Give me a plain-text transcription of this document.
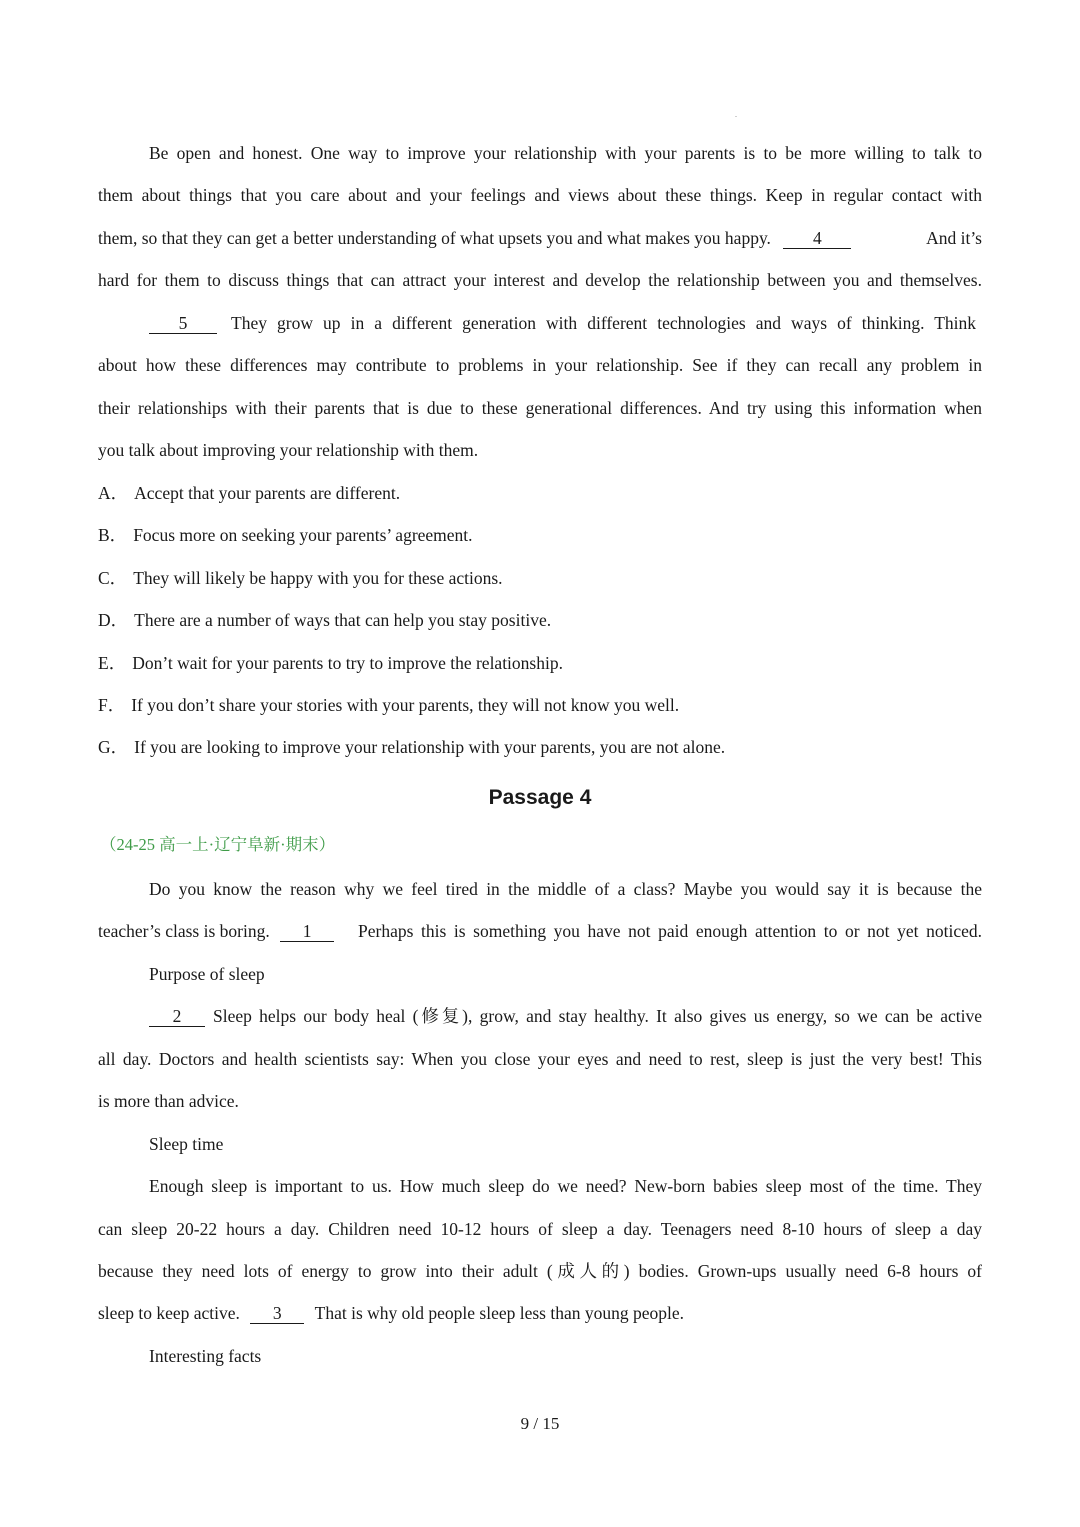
Be open and honest. One way to improve your relationship with your parents is to be more willing to talk to
them about things that you care about and your feelings and views about these things. Keep in regular contact with
them, so that they can get a better understanding of what upsets you and what makes you happy. 4	And it’s
hard for them to discuss things that can attract your interest and develop the relationship between you and themselves.
5 They grow up in a different generation with different technologies and ways of thinking. Think
about how these differences may contribute to problems in your relationship. See if they can recall any problem in
their relationships with their parents that is due to these generational differences. And try using this information when
you talk about improving your relationship with them.
A． Accept that your parents are different.
B． Focus more on seeking your parents’ agreement.
C． They will likely be happy with you for these actions.
D． There are a number of ways that can help you stay positive.
E． Don’t wait for your parents to try to improve the relationship.
F． If you don’t share your stories with your parents, they will not know you well.
G． If you are looking to improve your relationship with your parents, you are not alone.
Passage 4
（24-25 高一上·辽宁阜新·期末）
Do you know the reason why we feel tired in the middle of a class? Maybe you would say it is because the
teacher’s class is boring. 1	Perhaps this is something you have not paid enough attention to or not yet noticed.
Purpose of sleep
2 Sleep helps our body heal (修复), grow, and stay healthy. It also gives us energy, so we can be active
all day. Doctors and health scientists say: When you close your eyes and need to rest, sleep is just the very best! This
is more than advice.
Sleep time
Enough sleep is important to us. How much sleep do we need? New-born babies sleep most of the time. They
can sleep 20-22 hours a day. Children need 10-12 hours of sleep a day. Teenagers need 8-10 hours of sleep a day
because they need lots of energy to grow into their adult (成人的) bodies. Grown-ups usually need 6-8 hours of
sleep to keep active. 3 That is why old people sleep less than young people.
Interesting facts
9 / 15
